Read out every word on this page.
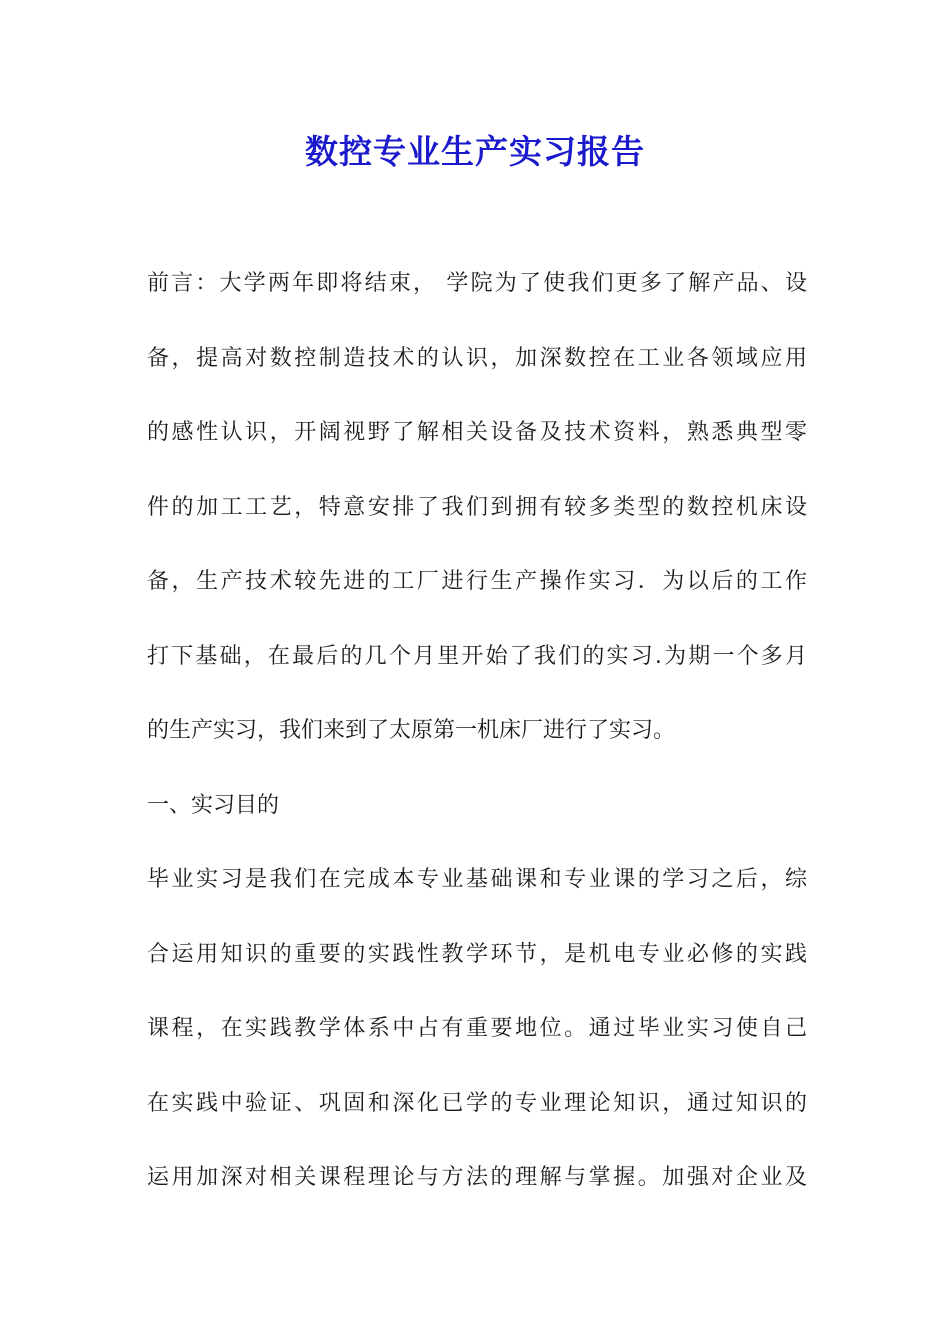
数控专业生产实习报告
前言：大学两年即将结束， 学院为了使我们更多了解产品、设
备，提高对数控制造技术的认识，加深数控在工业各领域应用
的感性认识，开阔视野了解相关设备及技术资料，熟悉典型零
件的加工工艺，特意安排了我们到拥有较多类型的数控机床设
备，生产技术较先进的工厂进行生产操作实习．为以后的工作
打下基础，在最后的几个月里开始了我们的实习.为期一个多月
的生产实习，我们来到了太原第一机床厂进行了实习。
一、实习目的
毕业实习是我们在完成本专业基础课和专业课的学习之后，综
合运用知识的重要的实践性教学环节，是机电专业必修的实践
课程，在实践教学体系中占有重要地位。通过毕业实习使自己
在实践中验证、巩固和深化已学的专业理论知识，通过知识的
运用加深对相关课程理论与方法的理解与掌握。加强对企业及
